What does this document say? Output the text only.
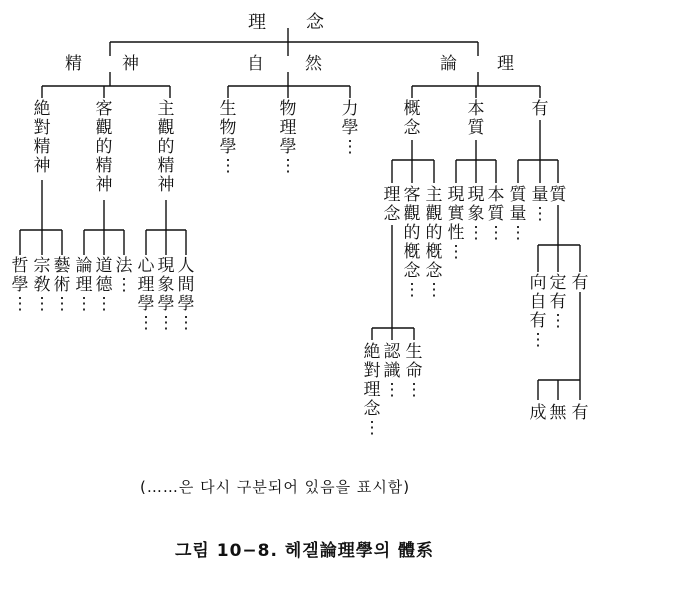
理 念
精 神	自 然	論 理
絶
對
精
神
客
觀
的
精
神
主
觀
的
精
神
生
物
學
⋮
物
理
學
⋮
力
學
⋮
概
念
本
質
有
哲
學
⋮
宗
敎
⋮
藝
術
⋮
論
理
⋮
道
德
⋮
法
⋮
心
理
學
⋮
現
象
學
⋮
人
間
學
⋮
理
念
客
觀
的
槪
念
⋮
主
觀
的
槪
念
⋮
現
實
性
⋮
現
象
⋮
本
質
⋮
質
量
⋮
量
⋮
質
絶
對
理
念
⋮
認
識
⋮
生
命
⋮
向
自
有
⋮
定
有
⋮
有
成 無 有
(……은 다시 구분되어 있음을 표시함)
그림 10−8. 헤겔論理學의 體系
